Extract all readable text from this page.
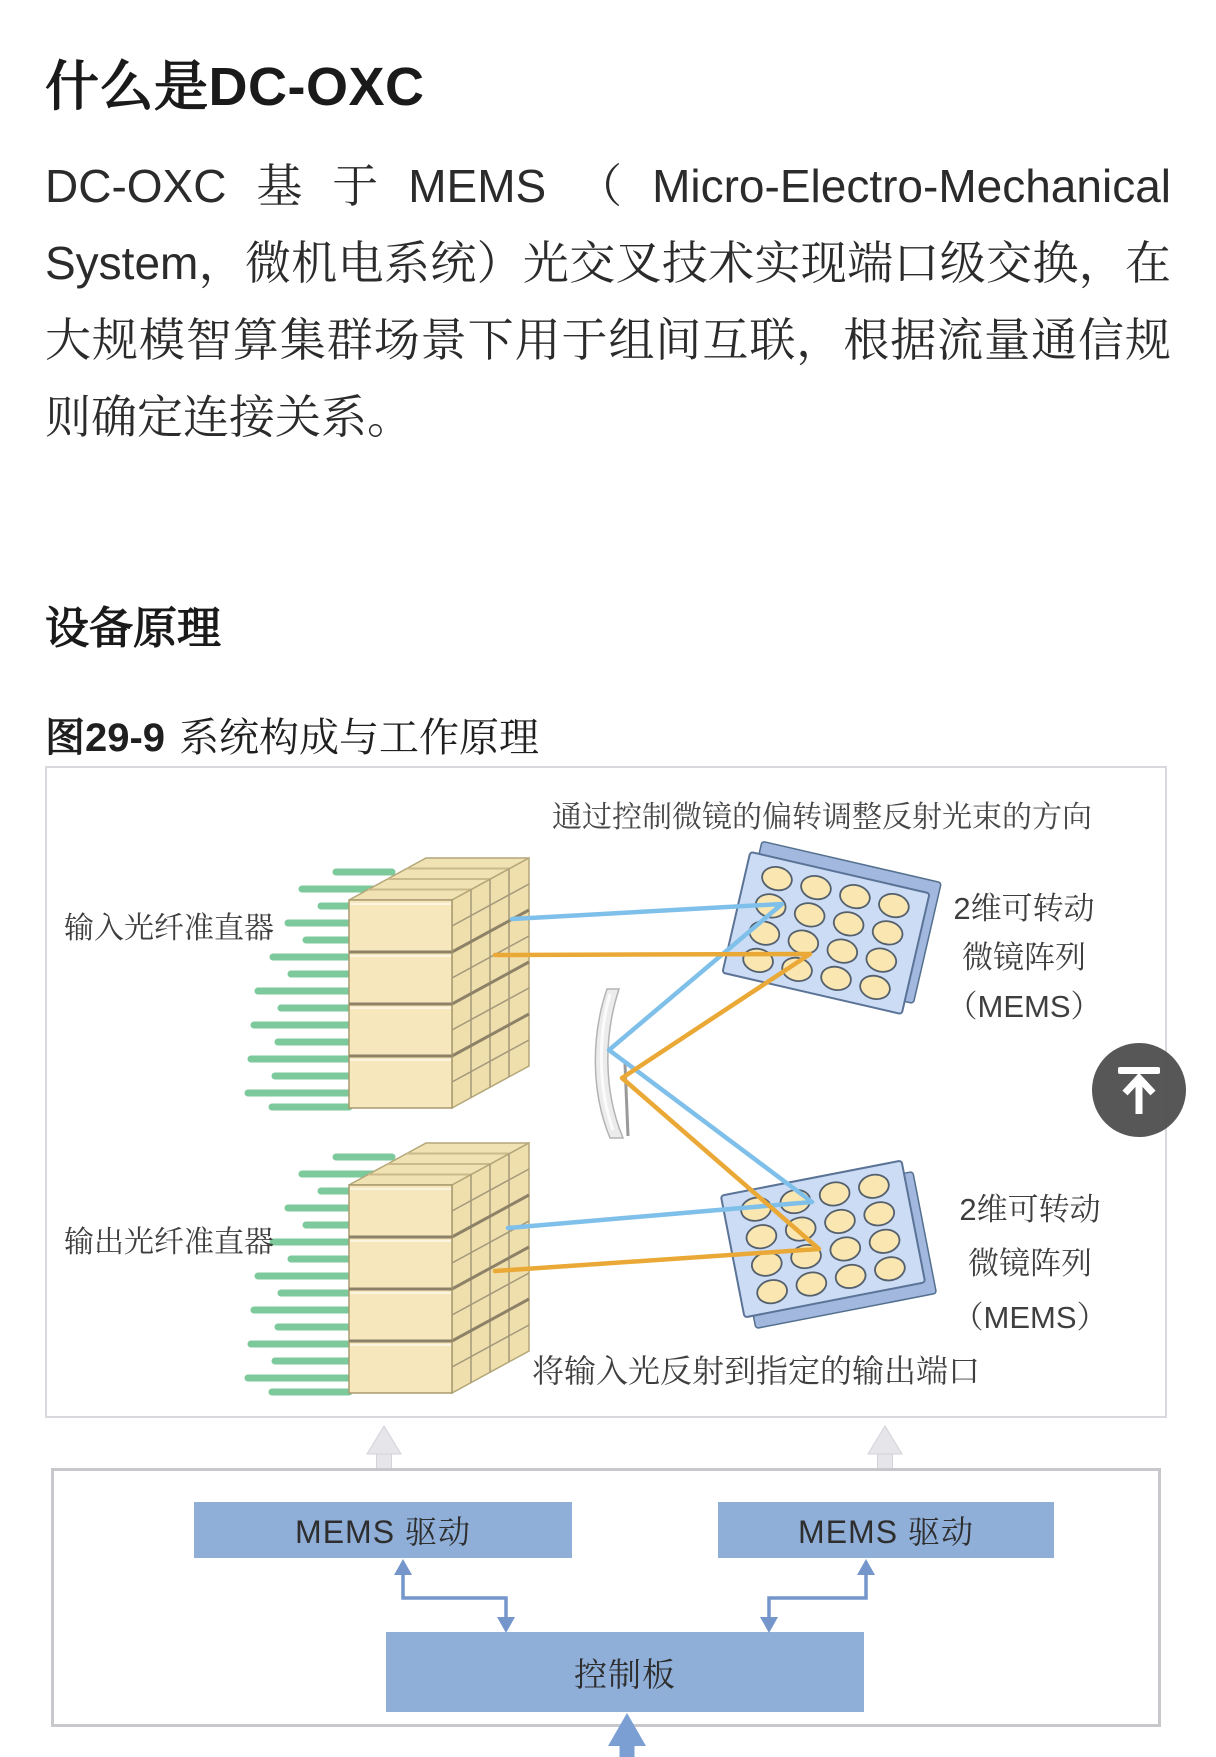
什么是DC-OXC
DC-OXC基于MEMS（Micro-Electro-Mechanical System，微机电系统）光交叉技术实现端口级交换，在大规模智算集群场景下用于组间互联，根据流量通信规则确定连接关系。
设备原理
图29-9 系统构成与工作原理
通过控制微镜的偏转调整反射光束的方向
输入光纤准直器
输出光纤准直器
2维可转动
微镜阵列
（MEMS）
2维可转动
微镜阵列
（MEMS）
将输入光反射到指定的输出端口
MEMS 驱动	MEMS 驱动
控制板
